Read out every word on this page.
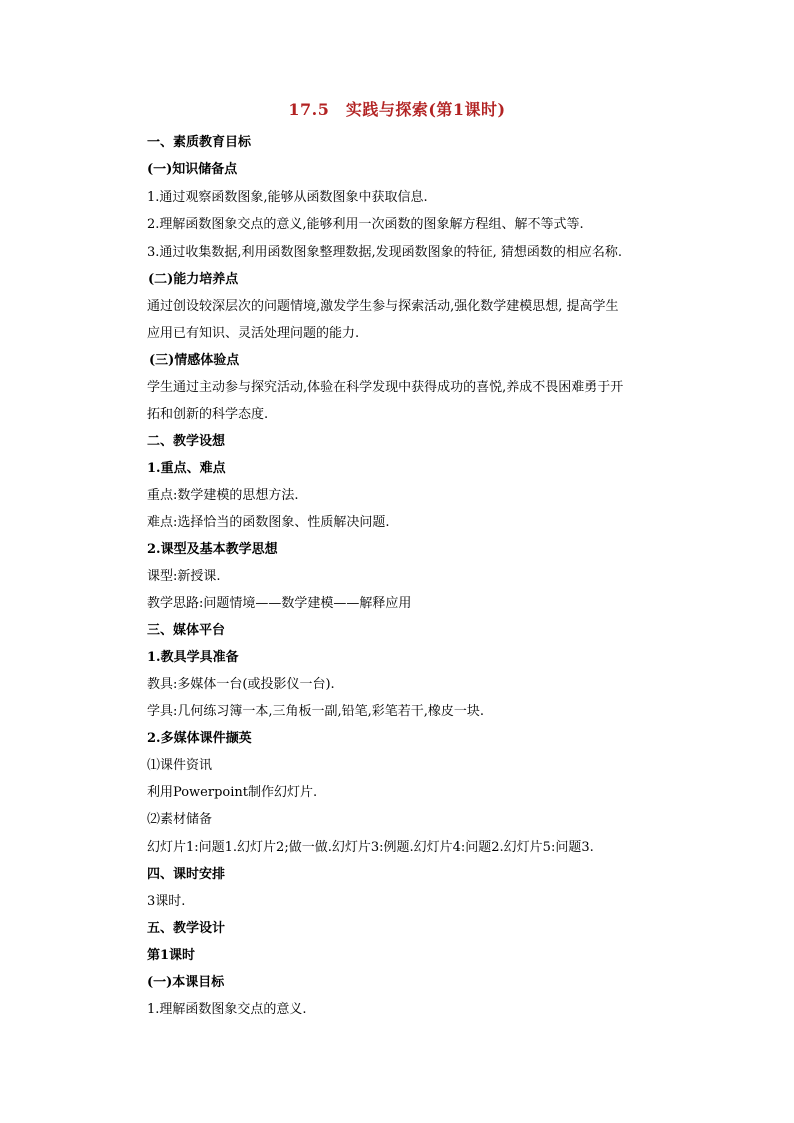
17.5　实践与探索(第1课时)
一、素质教育目标
(一)知识储备点
1.通过观察函数图象,能够从函数图象中获取信息.
2.理解函数图象交点的意义,能够利用一次函数的图象解方程组、解不等式等.
3.通过收集数据,利用函数图象整理数据,发现函数图象的特征, 猜想函数的相应名称.
(二)能力培养点
通过创设较深层次的问题情境,激发学生参与探索活动,强化数学建模思想, 提高学生
应用已有知识、灵活处理问题的能力.
(三)情感体验点
学生通过主动参与探究活动,体验在科学发现中获得成功的喜悦,养成不畏困难勇于开
拓和创新的科学态度.
二、教学设想
1.重点、难点
重点:数学建模的思想方法.
难点:选择恰当的函数图象、性质解决问题.
2.课型及基本教学思想
课型:新授课.
教学思路:问题情境——数学建模——解释应用
三、媒体平台
1.教具学具准备
教具:多媒体一台(或投影仪一台).
学具:几何练习簿一本,三角板一副,铅笔,彩笔若干,橡皮一块.
2.多媒体课件撷英
⑴课件资讯
利用Powerpoint制作幻灯片.
⑵素材储备
幻灯片1:问题1.幻灯片2;做一做.幻灯片3:例题.幻灯片4:问题2.幻灯片5:问题3.
四、课时安排
3课时.
五、教学设计
第1课时
(一)本课目标
1.理解函数图象交点的意义.
